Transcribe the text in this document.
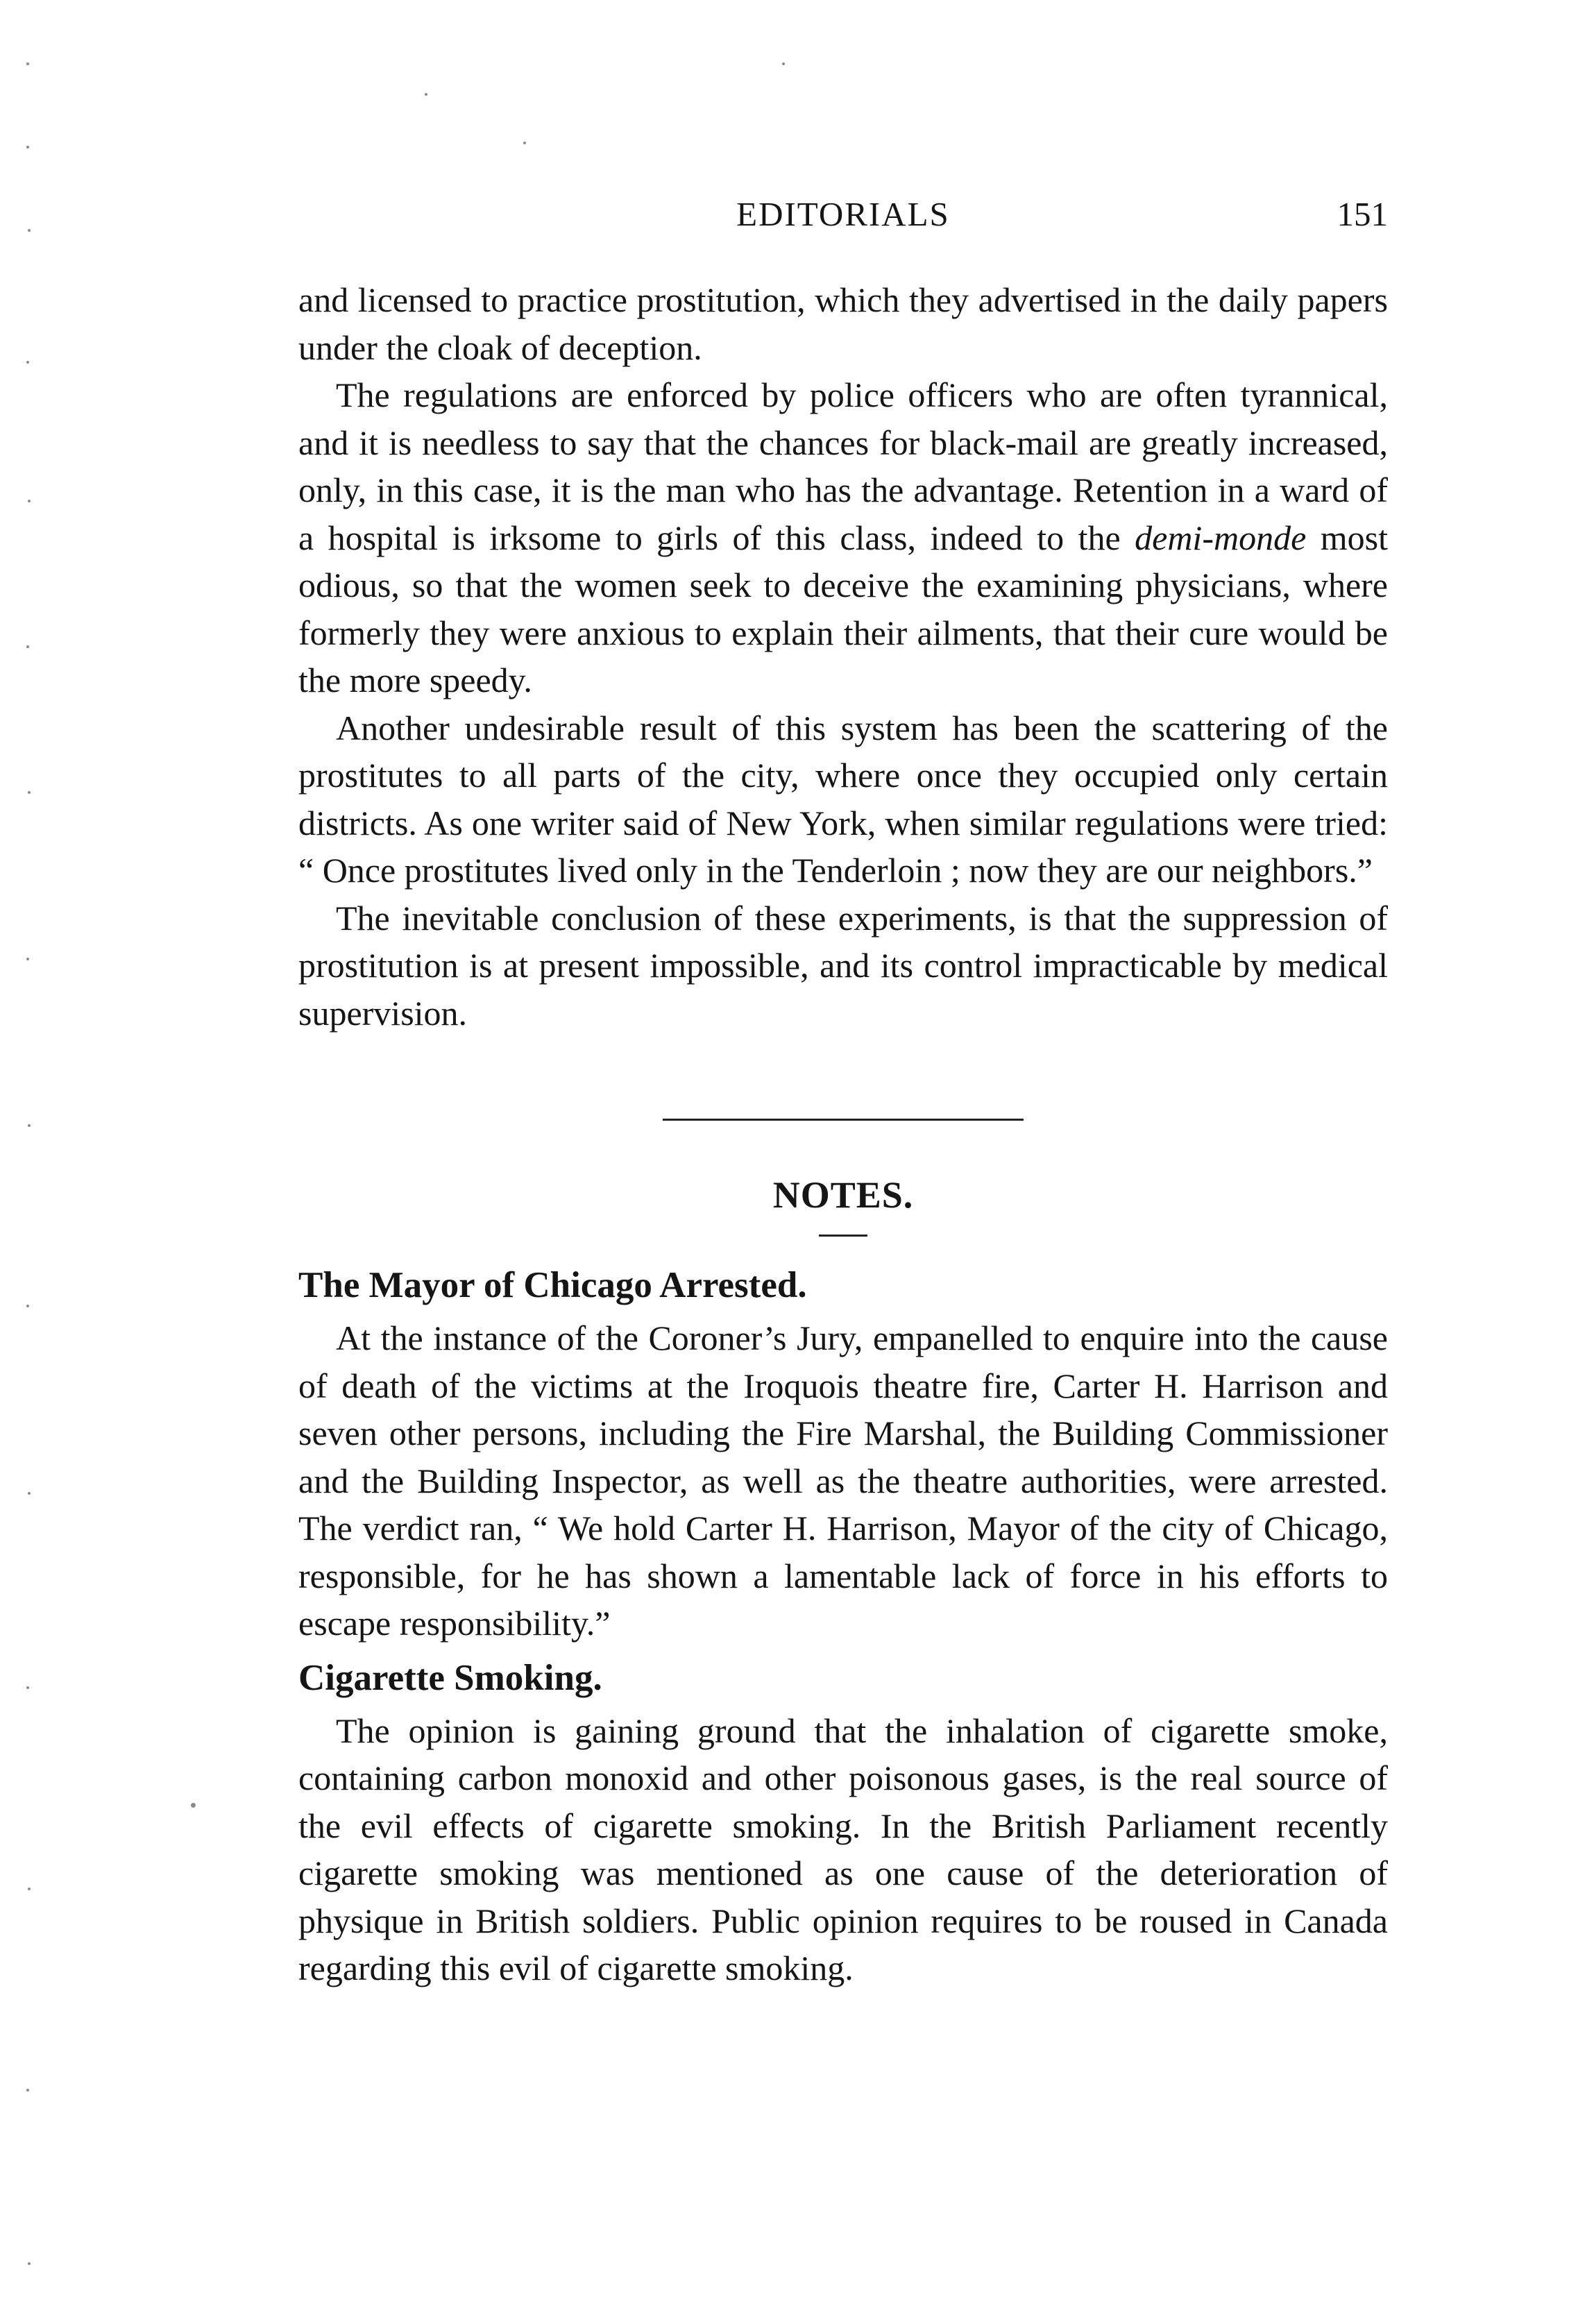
EDITORIALS	151

and licensed to practice prostitution, which they advertised in the daily papers under the cloak of deception.

The regulations are enforced by police officers who are often tyrannical, and it is needless to say that the chances for black-mail are greatly increased, only, in this case, it is the man who has the advantage. Retention in a ward of a hospital is irksome to girls of this class, indeed to the demi-monde most odious, so that the women seek to deceive the examining physicians, where formerly they were anxious to explain their ailments, that their cure would be the more speedy.

Another undesirable result of this system has been the scattering of the prostitutes to all parts of the city, where once they occupied only certain districts. As one writer said of New York, when similar regulations were tried: “ Once prostitutes lived only in the Tenderloin ; now they are our neighbors.”

The inevitable conclusion of these experiments, is that the suppression of prostitution is at present impossible, and its control impracticable by medical supervision.

NOTES.
The Mayor of Chicago Arrested.

At the instance of the Coroner’s Jury, empanelled to enquire into the cause of death of the victims at the Iroquois theatre fire, Carter H. Harrison and seven other persons, including the Fire Marshal, the Building Commissioner and the Building Inspector, as well as the theatre authorities, were arrested. The verdict ran, “ We hold Carter H. Harrison, Mayor of the city of Chicago, responsible, for he has shown a lamentable lack of force in his efforts to escape responsibility.”

Cigarette Smoking.

The opinion is gaining ground that the inhalation of cigarette smoke, containing carbon monoxid and other poisonous gases, is the real source of the evil effects of cigarette smoking. In the British Parliament recently cigarette smoking was mentioned as one cause of the deterioration of physique in British soldiers. Public opinion requires to be roused in Canada regarding this evil of cigarette smoking.
